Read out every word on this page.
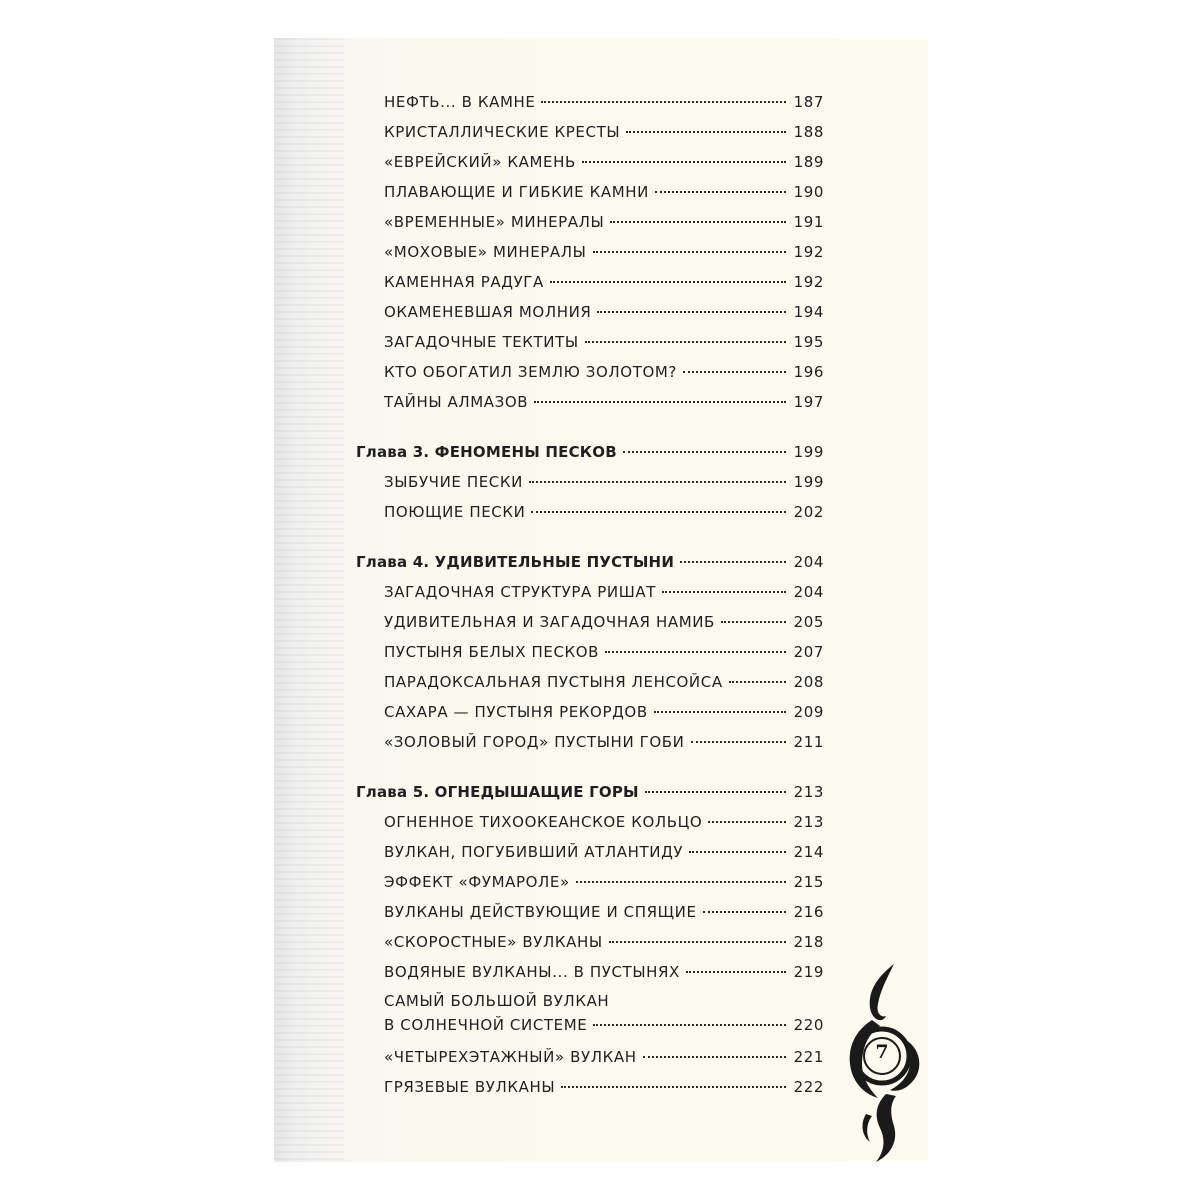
НЕФТЬ... В КАМНЕ	187
КРИСТАЛЛИЧЕСКИЕ КРЕСТЫ	188
«ЕВРЕЙСКИЙ» КАМЕНЬ	189
ПЛАВАЮЩИЕ И ГИБКИЕ КАМНИ	190
«ВРЕМЕННЫЕ» МИНЕРАЛЫ	191
«МОХОВЫЕ» МИНЕРАЛЫ	192
КАМЕННАЯ РАДУГА	192
ОКАМЕНЕВШАЯ МОЛНИЯ	194
ЗАГАДОЧНЫЕ ТЕКТИТЫ	195
КТО ОБОГАТИЛ ЗЕМЛЮ ЗОЛОТОМ?	196
ТАЙНЫ АЛМАЗОВ	197
Глава 3. ФЕНОМЕНЫ ПЕСКОВ	199
ЗЫБУЧИЕ ПЕСКИ	199
ПОЮЩИЕ ПЕСКИ	202
Глава 4. УДИВИТЕЛЬНЫЕ ПУСТЫНИ	204
ЗАГАДОЧНАЯ СТРУКТУРА РИШАТ	204
УДИВИТЕЛЬНАЯ И ЗАГАДОЧНАЯ НАМИБ	205
ПУСТЫНЯ БЕЛЫХ ПЕСКОВ	207
ПАРАДОКСАЛЬНАЯ ПУСТЫНЯ ЛЕНСОЙСА	208
САХАРА — ПУСТЫНЯ РЕКОРДОВ	209
«ЗОЛОВЫЙ ГОРОД» ПУСТЫНИ ГОБИ	211
Глава 5. ОГНЕДЫШАЩИЕ ГОРЫ	213
ОГНЕННОЕ ТИХООКЕАНСКОЕ КОЛЬЦО	213
ВУЛКАН, ПОГУБИВШИЙ АТЛАНТИДУ	214
ЭФФЕКТ «ФУМАРОЛЕ»	215
ВУЛКАНЫ ДЕЙСТВУЮЩИЕ И СПЯЩИЕ	216
«СКОРОСТНЫЕ» ВУЛКАНЫ	218
ВОДЯНЫЕ ВУЛКАНЫ... В ПУСТЫНЯХ	219
САМЫЙ БОЛЬШОЙ ВУЛКАН
В СОЛНЕЧНОЙ СИСТЕМЕ	220
«ЧЕТЫРЕХЭТАЖНЫЙ» ВУЛКАН	221
ГРЯЗЕВЫЕ ВУЛКАНЫ	222
7
